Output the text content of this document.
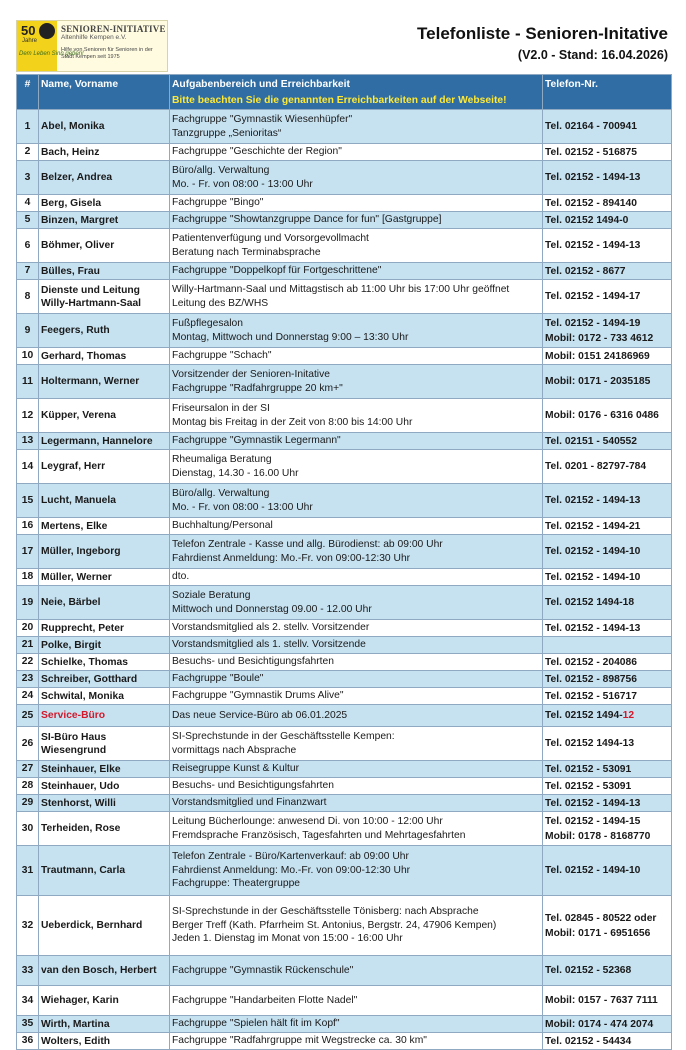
50
Jahre
Dem Leben Sinn geben!
SENIOREN-INITIATIVE
Altenhilfe Kempen e.V.
Hilfe von Senioren für Senioren in der Stadt Kempen seit 1975
Telefonliste - Senioren-Initative
(V2.0 - Stand: 16.04.2026)
#	Name, Vorname	Aufgabenbereich und Erreichbarkeit
Bitte beachten Sie die genannten Erreichbarkeiten auf der Webseite!	Telefon-Nr.
1	Abel, Monika	Fachgruppe "Gymnastik Wiesenhüpfer"
Tanzgruppe „Senioritas“	Tel. 02164 - 700941

2	Bach, Heinz	Fachgruppe "Geschichte der Region"	Tel. 02152 - 516875

3	Belzer, Andrea	Büro/allg. Verwaltung
Mo. - Fr. von 08:00 - 13:00 Uhr	Tel. 02152 - 1494-13

4	Berg, Gisela	Fachgruppe "Bingo"	Tel. 02152 - 894140

5	Binzen, Margret	Fachgruppe "Showtanzgruppe Dance for fun" [Gastgruppe]	Tel. 02152 1494-0

6	Böhmer, Oliver	Patientenverfügung und Vorsorgevollmacht
Beratung nach Terminabsprache	Tel. 02152 - 1494-13

7	Bülles, Frau	Fachgruppe "Doppelkopf für Fortgeschrittene"	Tel. 02152 - 8677

8	Dienste und Leitung Willy-Hartmann-Saal	Willy-Hartmann-Saal und Mittagstisch ab 11:00 Uhr bis 17:00 Uhr geöffnet
Leitung des BZ/WHS	Tel. 02152 - 1494-17

9	Feegers, Ruth	Fußpflegesalon
Montag, Mittwoch und Donnerstag 9:00 – 13:30 Uhr	Tel. 02152 - 1494-19
Mobil: 0172 - 733 4612

10	Gerhard, Thomas	Fachgruppe "Schach"	Mobil: 0151 24186969

11	Holtermann, Werner	Vorsitzender der Senioren-Initative
Fachgruppe "Radfahrgruppe 20 km+"	Mobil: 0171 - 2035185

12	Küpper, Verena	Friseursalon in der SI
Montag bis Freitag in der Zeit von 8:00 bis 14:00 Uhr	Mobil: 0176 - 6316 0486

13	Legermann, Hannelore	Fachgruppe "Gymnastik Legermann"	Tel. 02151 - 540552

14	Leygraf, Herr	Rheumaliga Beratung
Dienstag, 14.30 - 16.00 Uhr	Tel. 0201 - 82797-784

15	Lucht, Manuela	Büro/allg. Verwaltung
Mo. - Fr. von 08:00 - 13:00 Uhr	Tel. 02152 - 1494-13

16	Mertens, Elke	Buchhaltung/Personal	Tel. 02152 - 1494-21

17	Müller, Ingeborg	Telefon Zentrale - Kasse und allg. Bürodienst: ab 09:00 Uhr
Fahrdienst Anmeldung: Mo.-Fr. von 09:00-12:30 Uhr	Tel. 02152 - 1494-10

18	Müller, Werner	dto.	Tel. 02152 - 1494-10

19	Neie, Bärbel	Soziale Beratung
Mittwoch und Donnerstag 09.00 - 12.00 Uhr	Tel. 02152 1494-18

20	Rupprecht, Peter	Vorstandsmitglied als 2. stellv. Vorsitzender	Tel. 02152 - 1494-13

21	Polke, Birgit	Vorstandsmitglied als 1. stellv. Vorsitzende	

22	Schielke, Thomas	Besuchs- und Besichtigungsfahrten	Tel. 02152 - 204086

23	Schreiber, Gotthard	Fachgruppe "Boule"	Tel. 02152 - 898756

24	Schwital, Monika	Fachgruppe "Gymnastik Drums Alive"	Tel. 02152 - 516717

25	Service-Büro	Das neue Service-Büro ab 06.01.2025	Tel. 02152 1494-12

26	SI-Büro Haus Wiesengrund	SI-Sprechstunde in der Geschäftsstelle Kempen:
vormittags nach Absprache	Tel. 02152 1494-13

27	Steinhauer, Elke	Reisegruppe Kunst & Kultur	Tel. 02152 - 53091

28	Steinhauer, Udo	Besuchs- und Besichtigungsfahrten	Tel. 02152 - 53091

29	Stenhorst, Willi	Vorstandsmitglied und Finanzwart	Tel. 02152 - 1494-13

30	Terheiden, Rose	Leitung Bücherlounge: anwesend Di. von 10:00 - 12:00 Uhr
Fremdsprache Französisch, Tagesfahrten und Mehrtagesfahrten	Tel. 02152 - 1494-15
Mobil: 0178 - 8168770

31	Trautmann, Carla	Telefon Zentrale - Büro/Kartenverkauf: ab 09:00 Uhr
Fahrdienst Anmeldung: Mo.-Fr. von 09:00-12:30 Uhr
Fachgruppe: Theatergruppe	Tel. 02152 - 1494-10

32	Ueberdick, Bernhard	SI-Sprechstunde in der Geschäftsstelle Tönisberg: nach Absprache
Berger Treff (Kath. Pfarrheim St. Antonius, Bergstr. 24, 47906 Kempen)
Jeden 1. Dienstag im Monat von 15:00 - 16:00 Uhr	Tel. 02845 - 80522 oder
Mobil: 0171 - 6951656

33	van den Bosch, Herbert	Fachgruppe "Gymnastik Rückenschule"	Tel. 02152 - 52368

34	Wiehager, Karin	Fachgruppe "Handarbeiten Flotte Nadel"	Mobil: 0157 - 7637 7111

35	Wirth, Martina	Fachgruppe "Spielen hält fit im Kopf"	Mobil: 0174 - 474 2074

36	Wolters, Edith	Fachgruppe "Radfahrgruppe mit Wegstrecke ca. 30 km"	Tel. 02152 - 54434
